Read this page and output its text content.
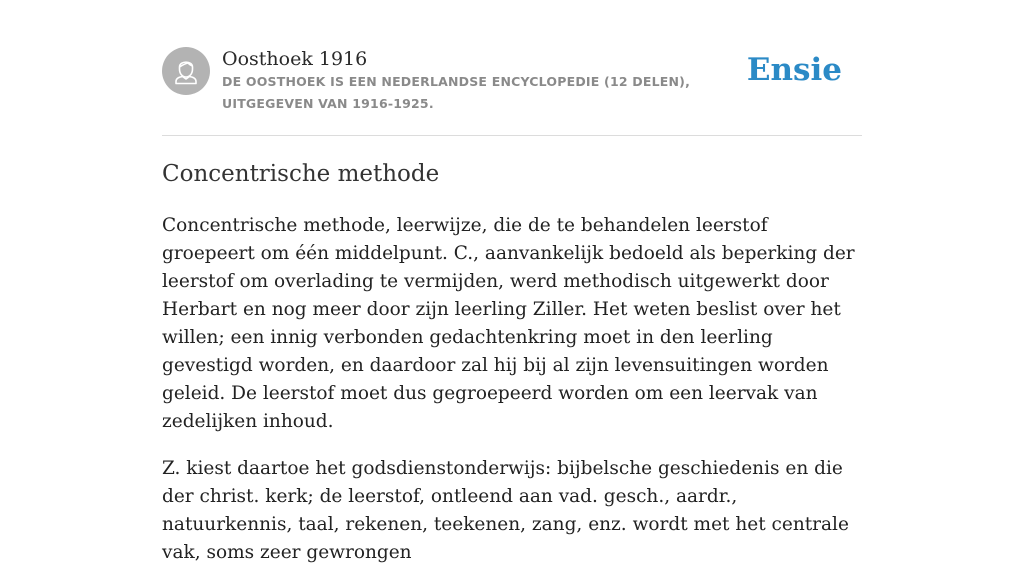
Oosthoek 1916
DE OOSTHOEK IS EEN NEDERLANDSE ENCYCLOPEDIE (12 DELEN), UITGEGEVEN VAN 1916-1925.
Ensie
Concentrische methode

Concentrische methode, leerwijze, die de te behandelen leerstof groepeert om één middelpunt. C., aanvankelijk bedoeld als beperking der leerstof om overlading te vermijden, werd methodisch uitgewerkt door Herbart en nog meer door zijn leerling Ziller. Het weten beslist over het willen; een innig verbonden gedachtenkring moet in den leerling gevestigd worden, en daardoor zal hij bij al zijn levensuitingen worden geleid. De leerstof moet dus gegroepeerd worden om een leervak van zedelijken inhoud.

Z. kiest daartoe het godsdienstonderwijs: bijbelsche geschiedenis en die der christ. kerk; de leerstof, ontleend aan vad. gesch., aardr., natuurkennis, taal, rekenen, teekenen, zang, enz. wordt met het centrale vak, soms zeer gewrongen
